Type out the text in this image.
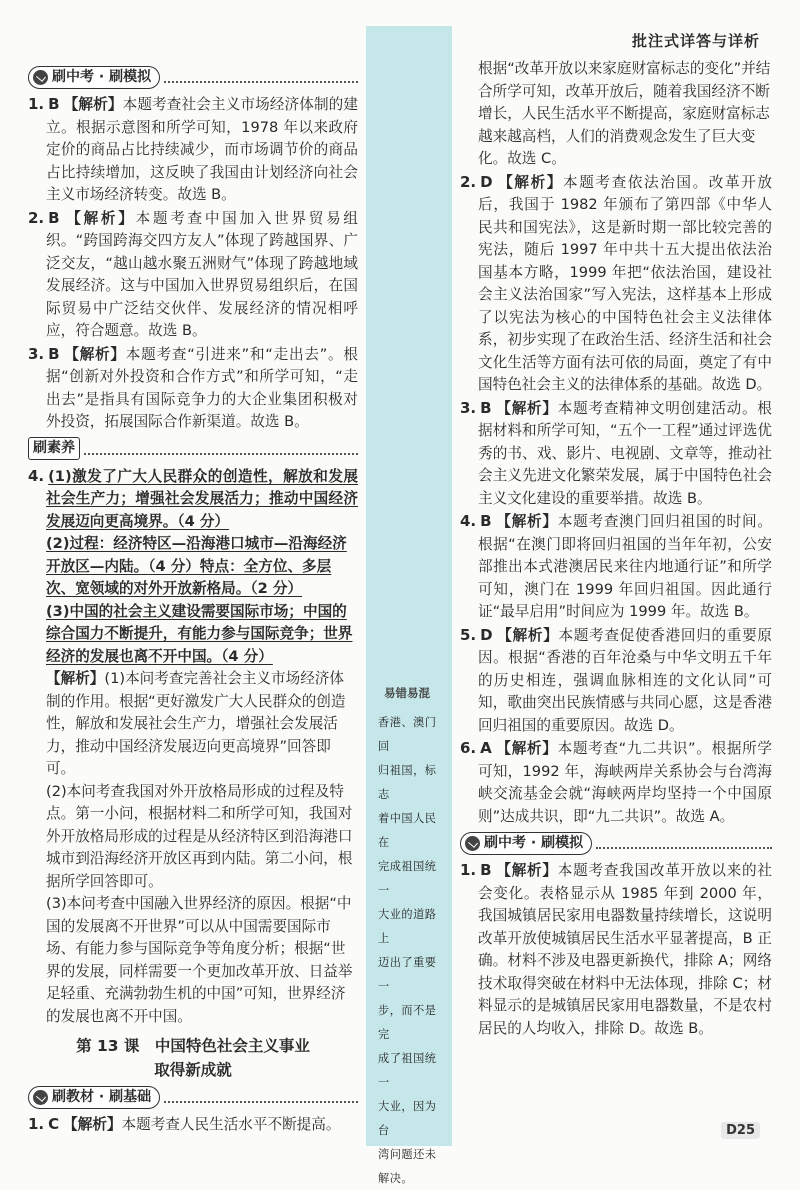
批注式详答与详析
易错易混
香港、澳门回
归祖国，标志
着中国人民在
完成祖国统一
大业的道路上
迈出了重要一
步，而不是完
成了祖国统一
大业，因为台
湾问题还未
解决。
刷中考 · 刷模拟
1. B 【解析】本题考查社会主义市场经济体制的建立。根据示意图和所学可知，1978 年以来政府定价的商品占比持续减少，而市场调节价的商品占比持续增加，这反映了我国由计划经济向社会主义市场经济转变。故选 B。
2. B 【解析】本题考查中国加入世界贸易组织。“跨国跨海交四方友人”体现了跨越国界、广泛交友，“越山越水聚五洲财气”体现了跨越地域发展经济。这与中国加入世界贸易组织后，在国际贸易中广泛结交伙伴、发展经济的情况相呼应，符合题意。故选 B。
3. B 【解析】本题考查“引进来”和“走出去”。根据“创新对外投资和合作方式”和所学可知，“走出去”是指具有国际竞争力的大企业集团积极对外投资，拓展国际合作新渠道。故选 B。
刷素养
4. (1)激发了广大人民群众的创造性，解放和发展社会生产力；增强社会发展活力；推动中国经济发展迈向更高境界。（4 分）
(2)过程：经济特区—沿海港口城市—沿海经济开放区—内陆。（4 分）特点：全方位、多层次、宽领域的对外开放新格局。（2 分）
(3)中国的社会主义建设需要国际市场；中国的综合国力不断提升，有能力参与国际竞争；世界经济的发展也离不开中国。（4 分）
【解析】(1)本问考查完善社会主义市场经济体制的作用。根据“更好激发广大人民群众的创造性，解放和发展社会生产力，增强社会发展活力，推动中国经济发展迈向更高境界”回答即可。
(2)本问考查我国对外开放格局形成的过程及特点。第一小问，根据材料二和所学可知，我国对外开放格局形成的过程是从经济特区到沿海港口城市到沿海经济开放区再到内陆。第二小问，根据所学回答即可。
(3)本问考查中国融入世界经济的原因。根据“中国的发展离不开世界”可以从中国需要国际市场、有能力参与国际竞争等角度分析；根据“世界的发展，同样需要一个更加改革开放、日益举足轻重、充满勃勃生机的中国”可知，世界经济的发展也离不开中国。
第 13 课　中国特色社会主义事业
取得新成就
刷教材 · 刷基础
1. C 【解析】本题考查人民生活水平不断提高。
根据“改革开放以来家庭财富标志的变化”并结合所学可知，改革开放后，随着我国经济不断增长，人民生活水平不断提高，家庭财富标志越来越高档，人们的消费观念发生了巨大变化。故选 C。
2. D 【解析】本题考查依法治国。改革开放后，我国于 1982 年颁布了第四部《中华人民共和国宪法》，这是新时期一部比较完善的宪法，随后 1997 年中共十五大提出依法治国基本方略，1999 年把“依法治国，建设社会主义法治国家”写入宪法，这样基本上形成了以宪法为核心的中国特色社会主义法律体系，初步实现了在政治生活、经济生活和社会文化生活等方面有法可依的局面，奠定了有中国特色社会主义的法律体系的基础。故选 D。
3. B 【解析】本题考查精神文明创建活动。根据材料和所学可知，“五个一工程”通过评选优秀的书、戏、影片、电视剧、文章等，推动社会主义先进文化繁荣发展，属于中国特色社会主义文化建设的重要举措。故选 B。
4. B 【解析】本题考查澳门回归祖国的时间。根据“在澳门即将回归祖国的当年年初，公安部推出本式港澳居民来往内地通行证”和所学可知，澳门在 1999 年回归祖国。因此通行证“最早启用”时间应为 1999 年。故选 B。
5. D 【解析】本题考查促使香港回归的重要原因。根据“香港的百年沧桑与中华文明五千年的历史相连，强调血脉相连的文化认同”可知，歌曲突出民族情感与共同心愿，这是香港回归祖国的重要原因。故选 D。
6. A 【解析】本题考查“九二共识”。根据所学可知，1992 年，海峡两岸关系协会与台湾海峡交流基金会就“海峡两岸均坚持一个中国原则”达成共识，即“九二共识”。故选 A。
刷中考 · 刷模拟
1. B 【解析】本题考查我国改革开放以来的社会变化。表格显示从 1985 年到 2000 年，我国城镇居民家用电器数量持续增长，这说明改革开放使城镇居民生活水平显著提高，B 正确。材料不涉及电器更新换代，排除 A；网络技术取得突破在材料中无法体现，排除 C；材料显示的是城镇居民家用电器数量，不是农村居民的人均收入，排除 D。故选 B。
D25
